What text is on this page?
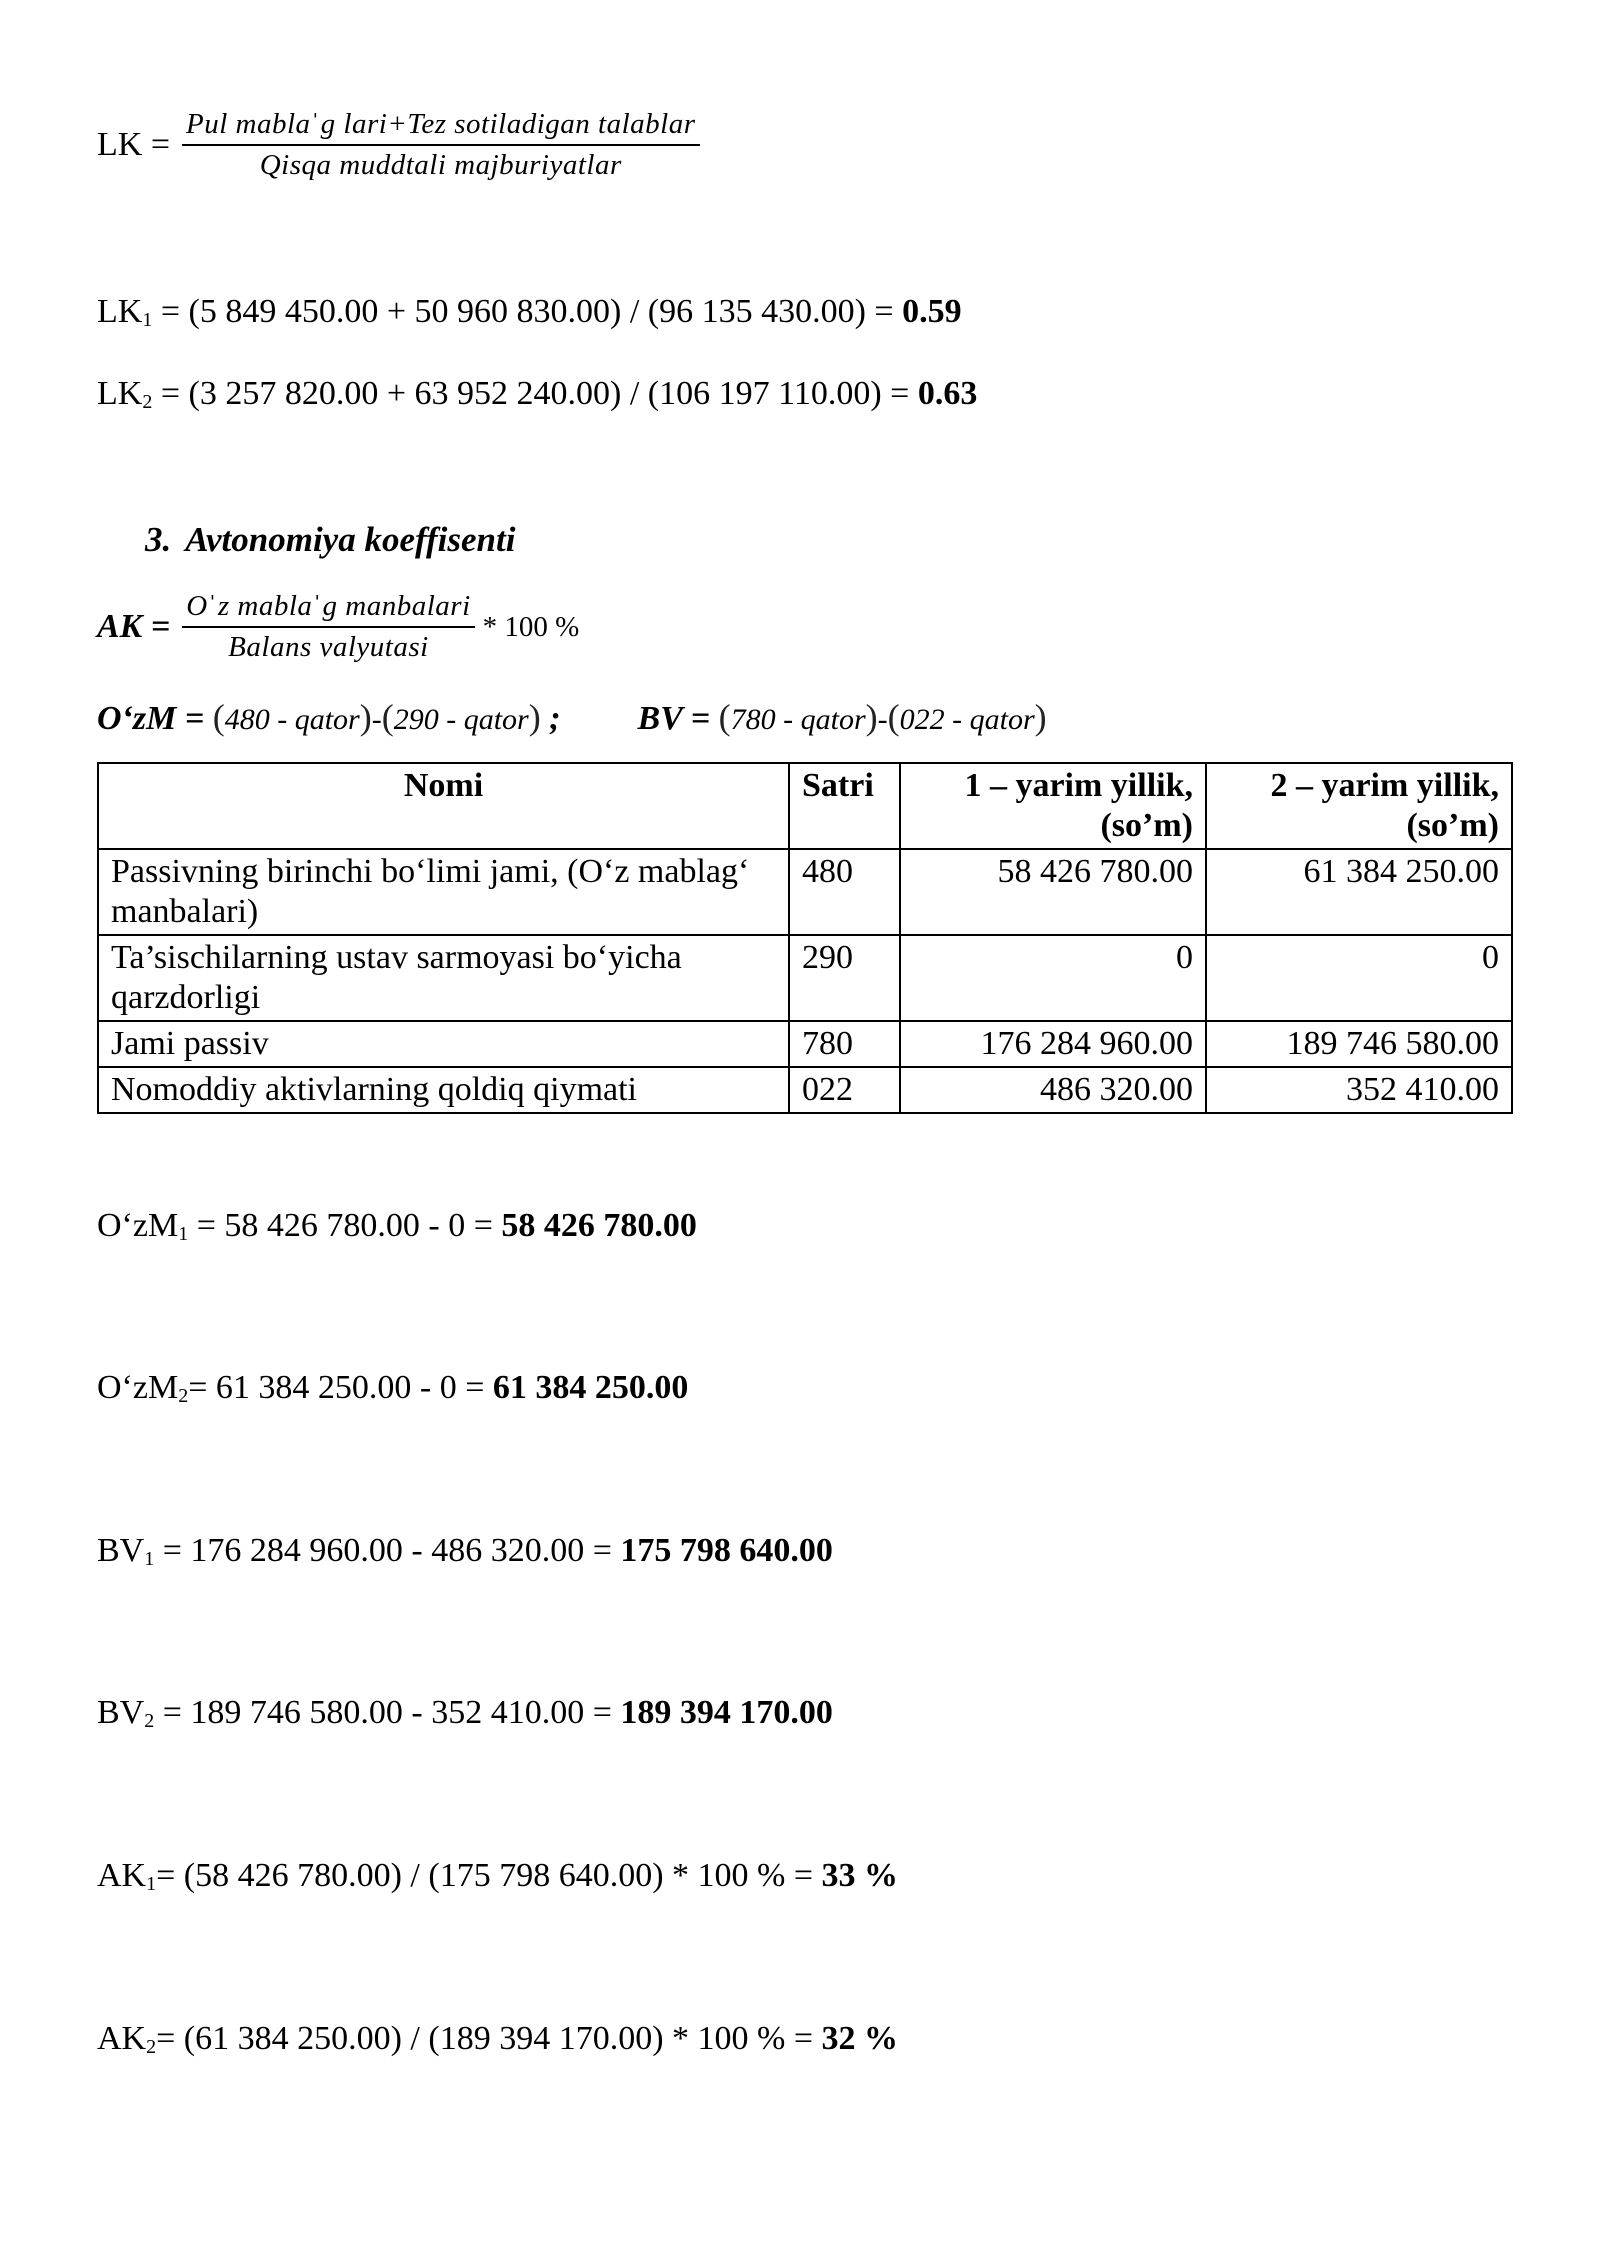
LK = $\frac{\text{Pul mablaˈg lari+Tez sotiladigan talablar}}{\text{Qisqa muddtali majburiyatlar}}$
$LK_1 = (5$ 849 450.00 + 50 960 830.00) / (96 135 430.00) = 0.59
$LK_2 = (3$ 257 820.00 + 63 952 240.00) / (106 197 110.00) = 0.63
3. Avtonomiya koeffisenti
AK = $\frac{\text{Oˈz mablaˈg manbalari}}{\text{Balans valyutasi}} * 100$ %
O‘zM = (480 - qator)-(290 - qator) ; BV = (780 - qator)-(022 - qator)
Nomi	Satri	1 – yarim yillik, (so’m)	2 – yarim yillik, (so’m)
Passivning birinchi bo‘limi jami, (O‘z mablag‘ manbalari)	480	58 426 780.00	61 384 250.00
Ta’sischilarning ustav sarmoyasi bo‘yicha qarzdorligi	290	0	0
Jami passiv	780	176 284 960.00	189 746 580.00
Nomoddiy aktivlarning qoldiq qiymati	022	486 320.00	352 410.00
$O‘zM_1 = 58$ 426 780.00 - 0 = 58 426 780.00
$O‘zM_2= 61$ 384 250.00 - 0 = 61 384 250.00
$BV_1 = 176$ 284 960.00 - 486 320.00 = 175 798 640.00
$BV_2 = 189$ 746 580.00 - 352 410.00 = 189 394 170.00
$AK_1= (58$ 426 780.00) / (175 798 640.00) * 100 % = 33 %
$AK_2= (61$ 384 250.00) / (189 394 170.00) * 100 % = 32 %
